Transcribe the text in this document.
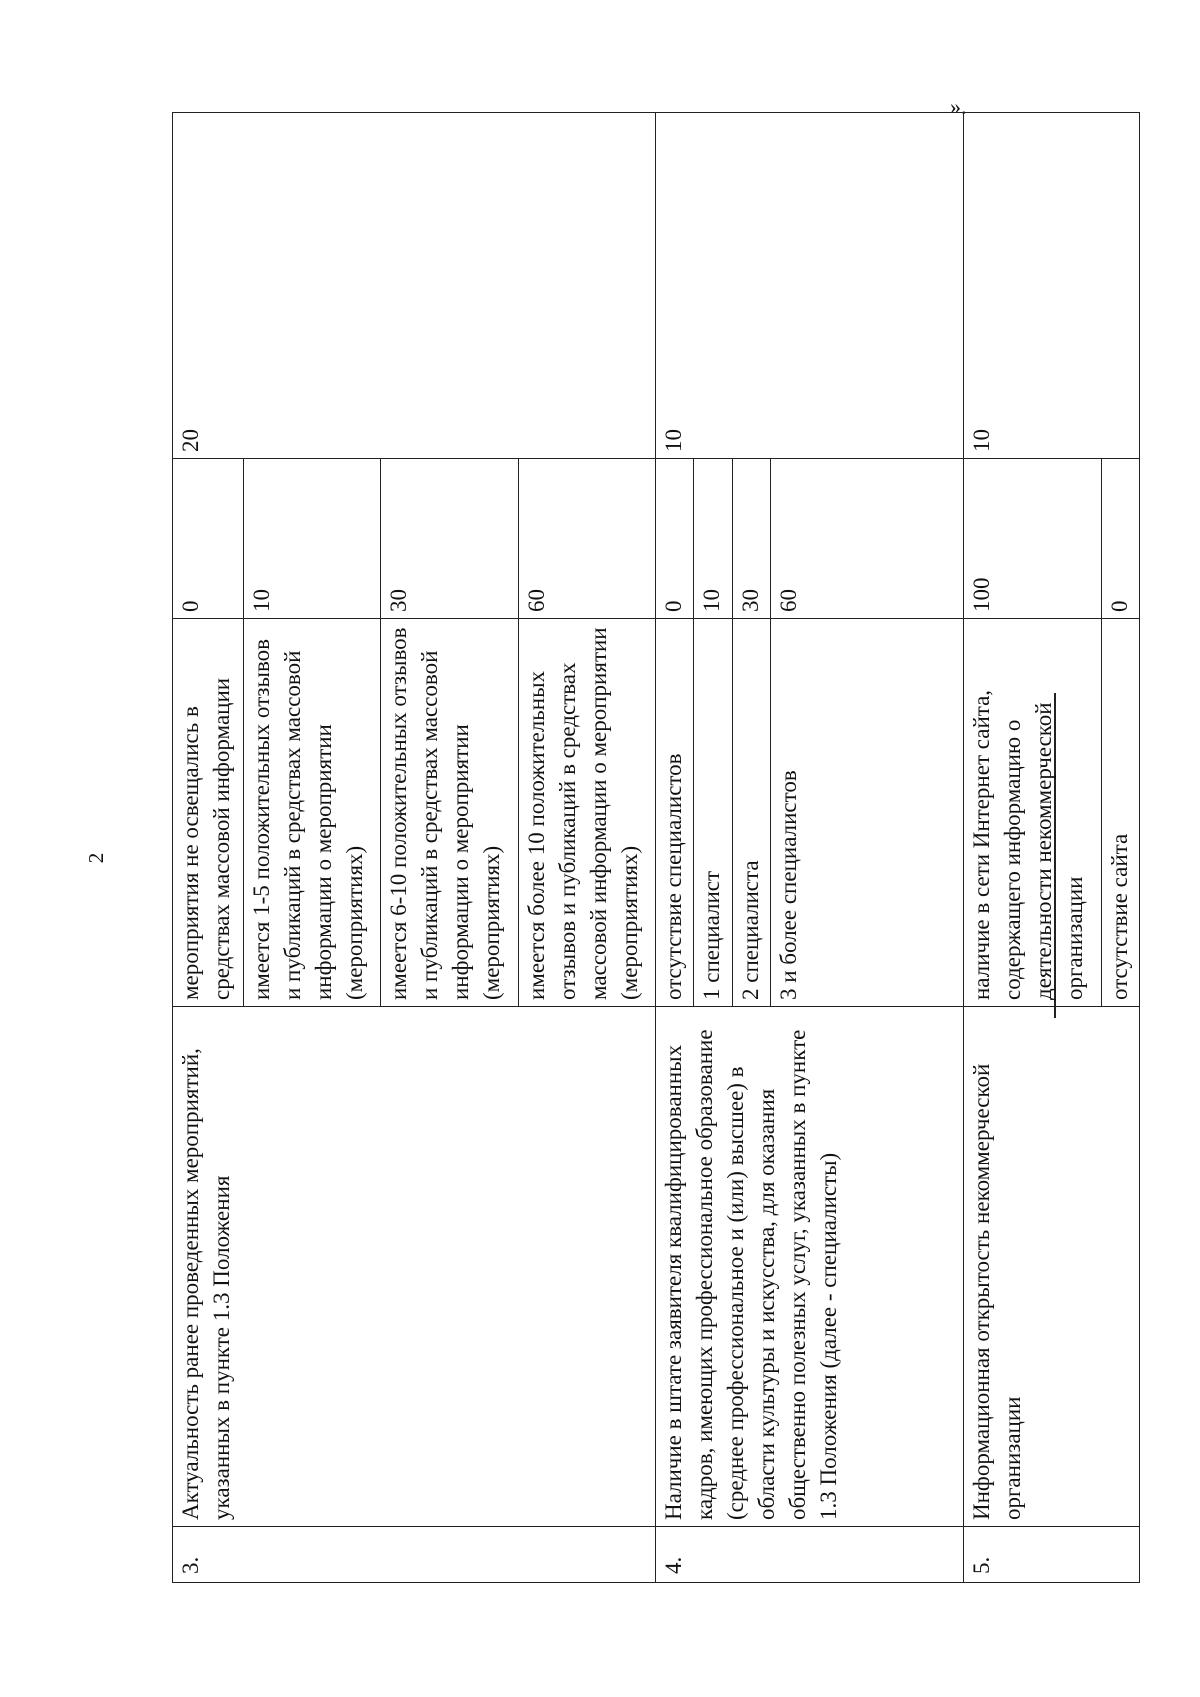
2
».
3.	Актуальность ранее проведенных мероприятий, указанных в пункте 1.3 Положения	мероприятия не освещались в средствах массовой информации	0	20
		имеется 1-5 положительных отзывов и публикаций в средствах массовой информации о мероприятии (мероприятиях)	10	
		имеется 6-10 положительных отзывов и публикаций в средствах массовой информации о мероприятии (мероприятиях)	30	
		имеется более 10 положительных отзывов и публикаций в средствах массовой информации о мероприятии (мероприятиях)	60	
4.	Наличие в штате заявителя квалифицированных кадров, имеющих профессиональное образование (среднее профессиональное и (или) высшее) в области культуры и искусства, для оказания общественно полезных услуг, указанных в пункте 1.3 Положения (далее - специалисты)	отсутствие специалистов	0	10
		1 специалист	10	
		2 специалиста	30	
		3 и более специалистов	60	
5.	Информационная открытость некоммерческой организации	наличие в сети Интернет сайта, содержащего информацию о деятельности некоммерческой организации	100	10
		отсутствие сайта	0	
